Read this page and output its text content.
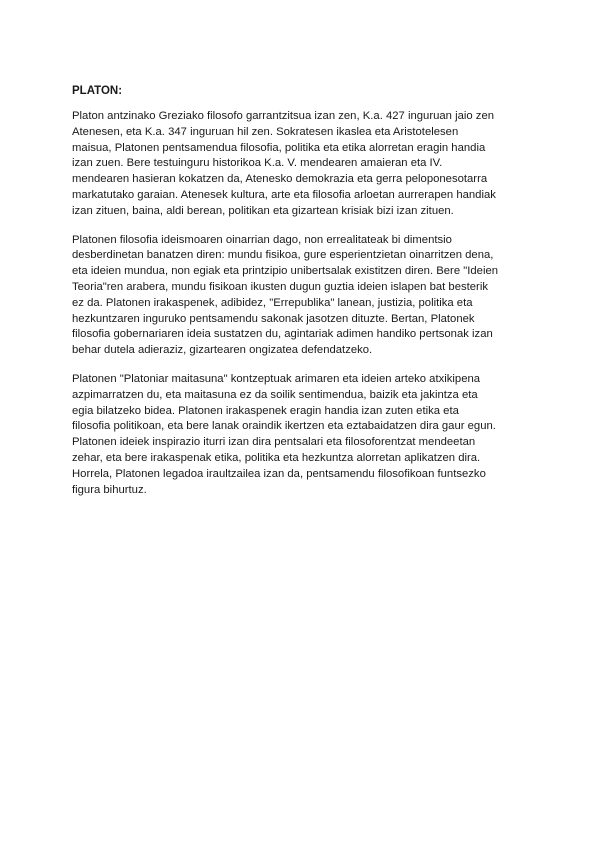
PLATON:

Platon antzinako Greziako filosofo garrantzitsua izan zen, K.a. 427 inguruan jaio zen
Atenesen, eta K.a. 347 inguruan hil zen. Sokratesen ikaslea eta Aristotelesen
maisua, Platonen pentsamendua filosofia, politika eta etika alorretan eragin handia
izan zuen. Bere testuinguru historikoa K.a. V. mendearen amaieran eta IV.
mendearen hasieran kokatzen da, Atenesko demokrazia eta gerra peloponesotarra
markatutako garaian. Atenesek kultura, arte eta filosofia arloetan aurrerapen handiak
izan zituen, baina, aldi berean, politikan eta gizartean krisiak bizi izan zituen.

Platonen filosofia ideismoaren oinarrian dago, non errealitateak bi dimentsio
desberdinetan banatzen diren: mundu fisikoa, gure esperientzietan oinarritzen dena,
eta ideien mundua, non egiak eta printzipio unibertsalak existitzen diren. Bere "Ideien
Teoria"ren arabera, mundu fisikoan ikusten dugun guztia ideien islapen bat besterik
ez da. Platonen irakaspenek, adibidez, "Errepublika" lanean, justizia, politika eta
hezkuntzaren inguruko pentsamendu sakonak jasotzen dituzte. Bertan, Platonek
filosofia gobernariaren ideia sustatzen du, agintariak adimen handiko pertsonak izan
behar dutela adieraziz, gizartearen ongizatea defendatzeko.

Platonen "Platoniar maitasuna" kontzeptuak arimaren eta ideien arteko atxikipena
azpimarratzen du, eta maitasuna ez da soilik sentimendua, baizik eta jakintza eta
egia bilatzeko bidea. Platonen irakaspenek eragin handia izan zuten etika eta
filosofia politikoan, eta bere lanak oraindik ikertzen eta eztabaidatzen dira gaur egun.
Platonen ideiek inspirazio iturri izan dira pentsalari eta filosoforentzat mendeetan
zehar, eta bere irakaspenak etika, politika eta hezkuntza alorretan aplikatzen dira.
Horrela, Platonen legadoa iraultzailea izan da, pentsamendu filosofikoan funtsezko
figura bihurtuz.
